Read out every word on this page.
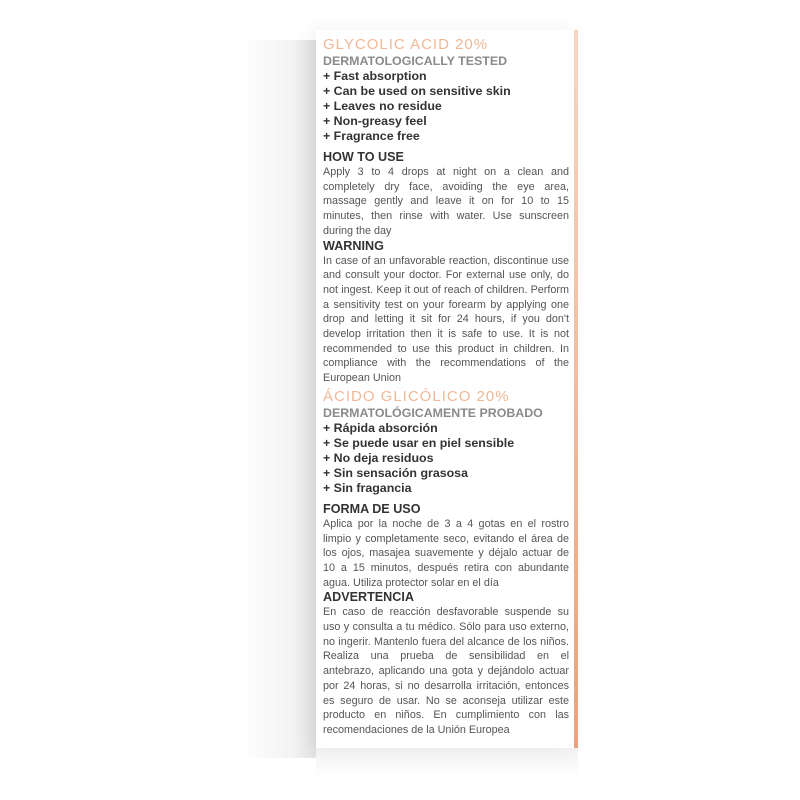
GLYCOLIC ACID 20%
DERMATOLOGICALLY TESTED
+ Fast absorption
+ Can be used on sensitive skin
+ Leaves no residue
+ Non-greasy feel
+ Fragrance free
HOW TO USE
Apply 3 to 4 drops at night on a clean and completely dry face, avoiding the eye area, massage gently and leave it on for 10 to 15 minutes, then rinse with water. Use sunscreen during the day
WARNING
In case of an unfavorable reaction, discontinue use and consult your doctor. For external use only, do not ingest. Keep it out of reach of children. Perform a sensitivity test on your forearm by applying one drop and letting it sit for 24 hours, if you don't develop irritation then it is safe to use. It is not recommended to use this product in children. In compliance with the recommendations of the European Union
ÁCIDO GLICÓLICO 20%
DERMATOLÓGICAMENTE PROBADO
+ Rápida absorción
+ Se puede usar en piel sensible
+ No deja residuos
+ Sin sensación grasosa
+ Sin fragancia
FORMA DE USO
Aplica por la noche de 3 a 4 gotas en el rostro limpio y completamente seco, evitando el área de los ojos, masajea suavemente y déjalo actuar de 10 a 15 minutos, después retira con abundante agua. Utiliza protector solar en el día
ADVERTENCIA
En caso de reacción desfavorable suspende su uso y consulta a tu médico. Sólo para uso externo, no ingerir. Mantenlo fuera del alcance de los niños. Realiza una prueba de sensibilidad en el antebrazo, aplicando una gota y dejándolo actuar por 24 horas, si no desarrolla irritación, entonces es seguro de usar. No se aconseja utilizar este producto en niños. En cumplimiento con las recomendaciones de la Unión Europea
